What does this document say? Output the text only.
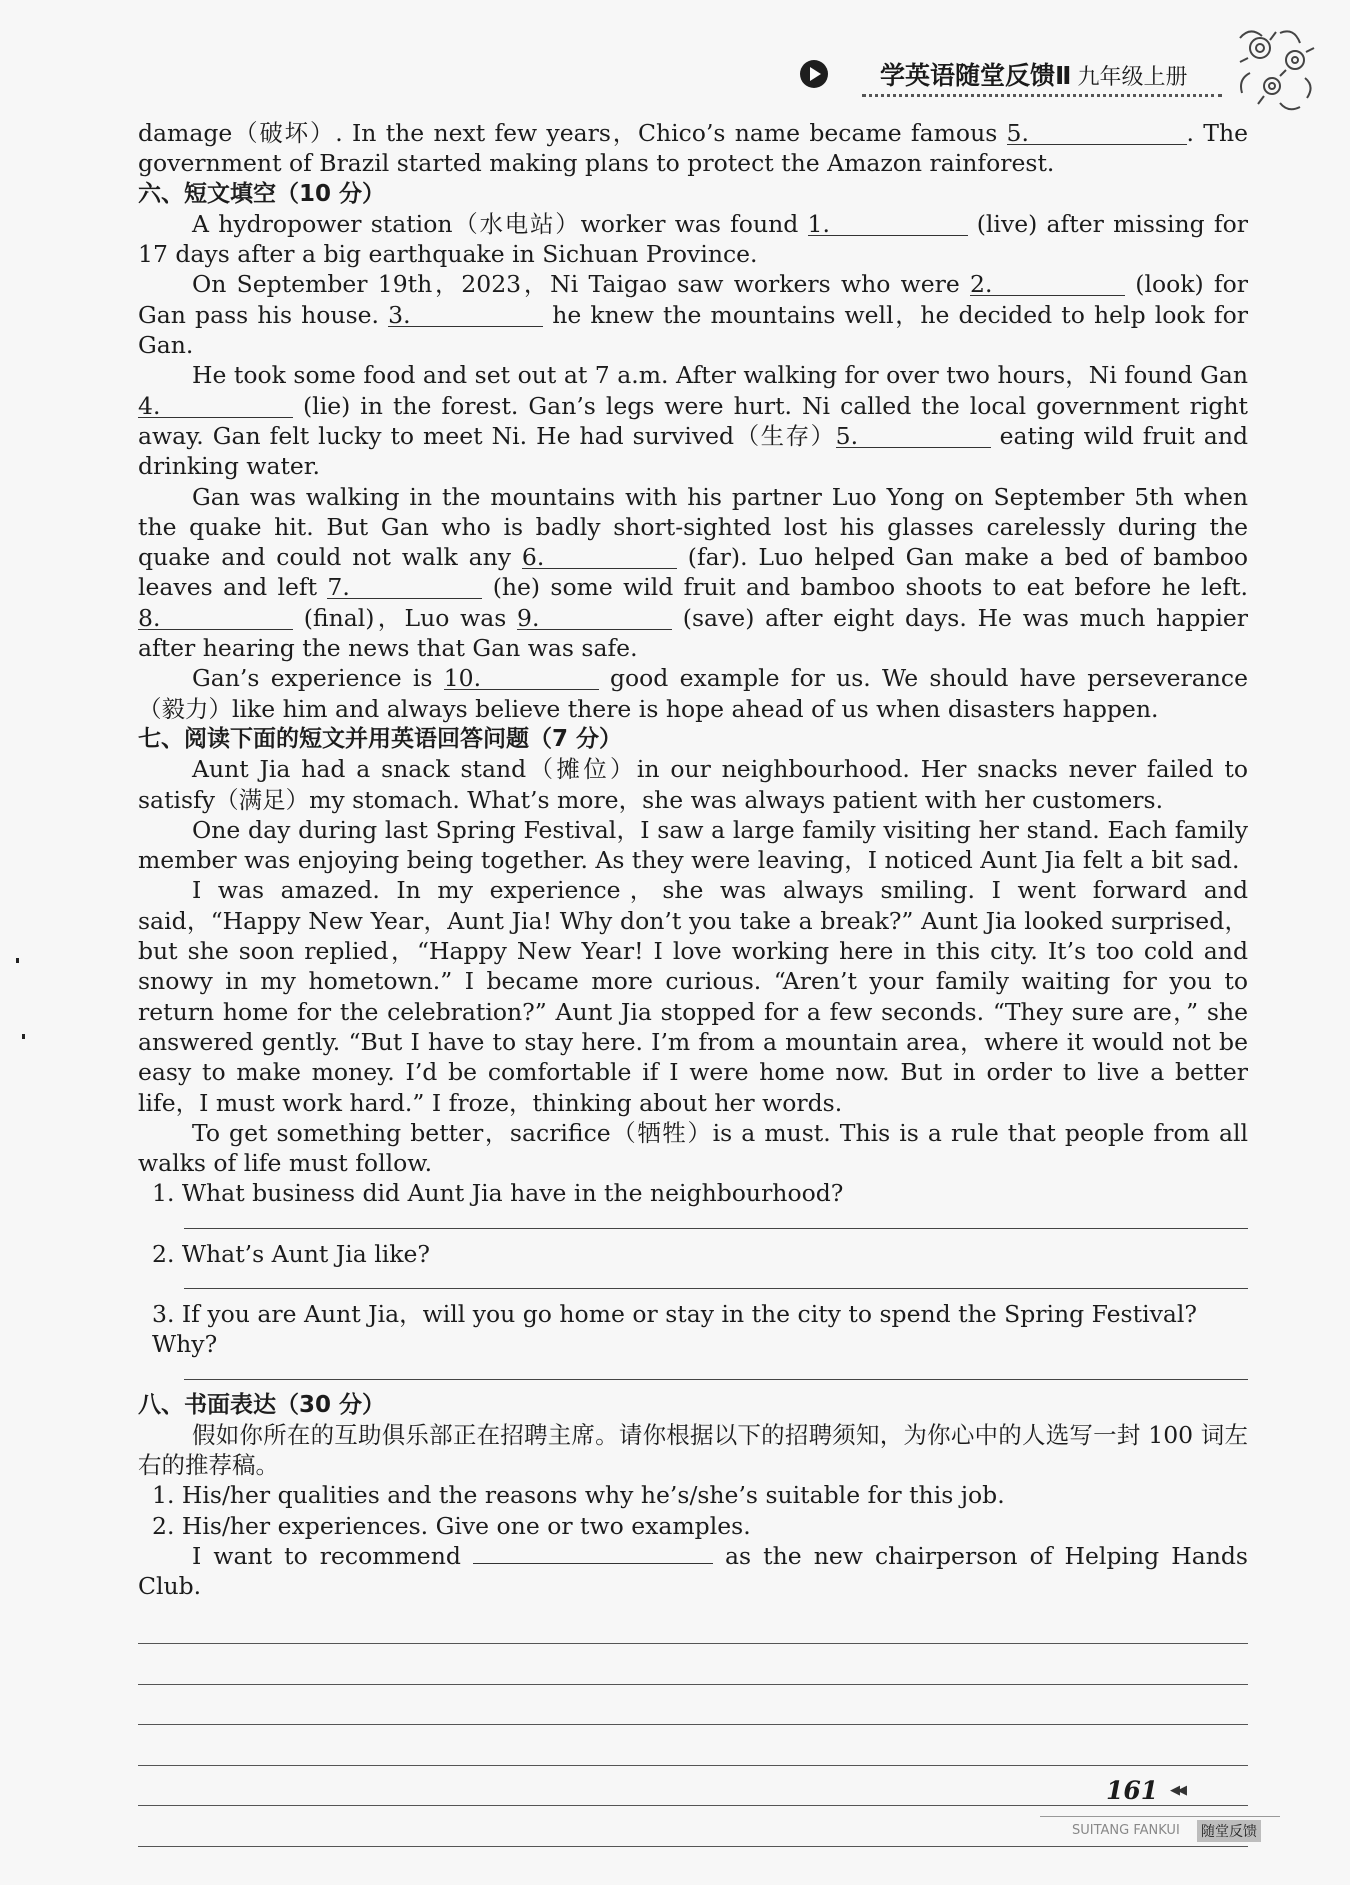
学英语随堂反馈Ⅱ 九年级上册

damage（破坏）. In the next few years，Chico’s name became famous 5.	. The government of Brazil started making plans to protect the Amazon rainforest.

六、短文填空（10 分）

A hydropower station（水电站）worker was found 1.	(live) after missing for 17 days after a big earthquake in Sichuan Province.

On September 19th，2023，Ni Taigao saw workers who were 2.	(look) for Gan pass his house. 3.	he knew the mountains well，he decided to help look for Gan.

He took some food and set out at 7 a.m. After walking for over two hours，Ni found Gan 4.	(lie) in the forest. Gan’s legs were hurt. Ni called the local government right away. Gan felt lucky to meet Ni. He had survived（生存）5.	eating wild fruit and drinking water.

Gan was walking in the mountains with his partner Luo Yong on September 5th when the quake hit. But Gan who is badly short-sighted lost his glasses carelessly during the quake and could not walk any 6.	(far). Luo helped Gan make a bed of bamboo leaves and left 7.	(he) some wild fruit and bamboo shoots to eat before he left. 8.	(final)，Luo was 9.	(save) after eight days. He was much happier after hearing the news that Gan was safe.

Gan’s experience is 10.	good example for us. We should have perseverance（毅力）like him and always believe there is hope ahead of us when disasters happen.

七、阅读下面的短文并用英语回答问题（7 分）

Aunt Jia had a snack stand（摊位）in our neighbourhood. Her snacks never failed to satisfy（满足）my stomach. What’s more，she was always patient with her customers.

One day during last Spring Festival，I saw a large family visiting her stand. Each family member was enjoying being together. As they were leaving，I noticed Aunt Jia felt a bit sad.

I was amazed. In my experience，she was always smiling. I went forward and said，“Happy New Year，Aunt Jia! Why don’t you take a break?” Aunt Jia looked surprised，but she soon replied，“Happy New Year! I love working here in this city. It’s too cold and snowy in my hometown.” I became more curious. “Aren’t your family waiting for you to return home for the celebration?” Aunt Jia stopped for a few seconds. “They sure are，” she answered gently. “But I have to stay here. I’m from a mountain area，where it would not be easy to make money. I’d be comfortable if I were home now. But in order to live a better life，I must work hard.” I froze，thinking about her words.

To get something better，sacrifice（牺牲）is a must. This is a rule that people from all walks of life must follow.

1. What business did Aunt Jia have in the neighbourhood?

2. What’s Aunt Jia like?

3. If you are Aunt Jia，will you go home or stay in the city to spend the Spring Festival? Why?

八、书面表达（30 分）

假如你所在的互助俱乐部正在招聘主席。请你根据以下的招聘须知，为你心中的人选写一封 100 词左右的推荐稿。

1. His/her qualities and the reasons why he’s/she’s suitable for this job.

2. His/her experiences. Give one or two examples.

I want to recommend	as the new chairperson of Helping Hands Club.

161 ◀◀
SUITANG FANKUI 随堂反馈
